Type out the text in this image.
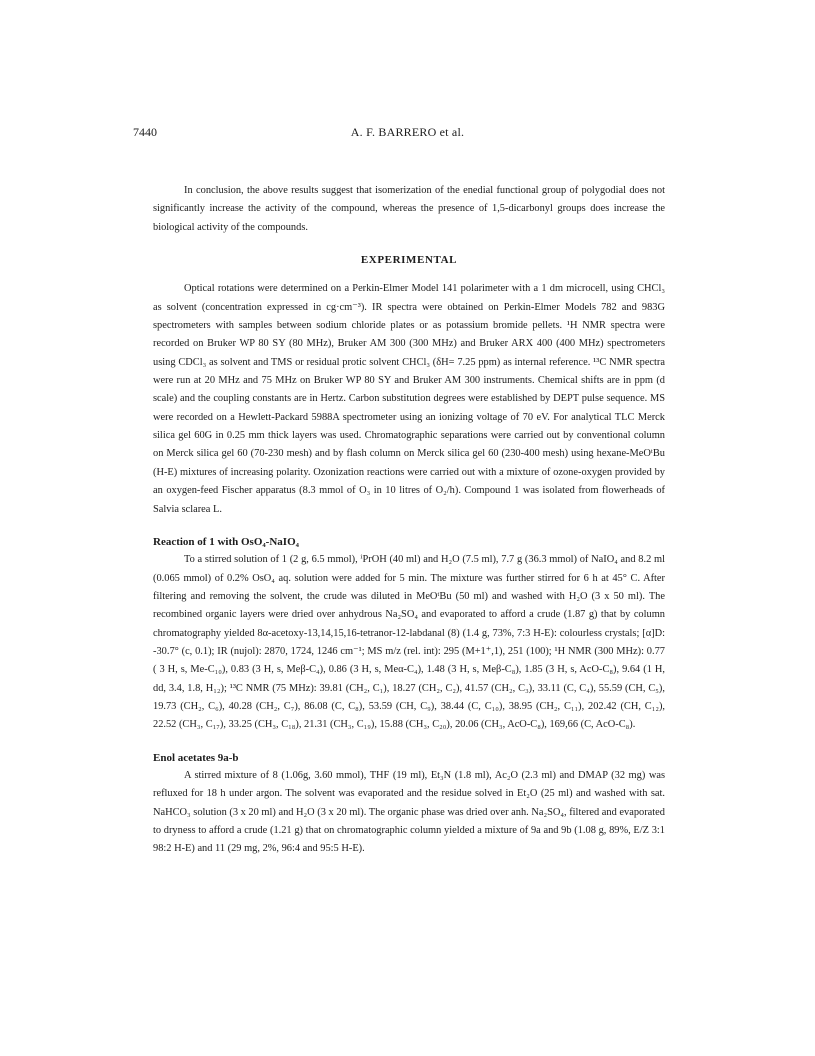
7440	A. F. BARRERO et al.

In conclusion, the above results suggest that isomerization of the enedial functional group of polygodial does not significantly increase the activity of the compound, whereas the presence of 1,5-dicarbonyl groups does increase the biological activity of the compounds.

EXPERIMENTAL

Optical rotations were determined on a Perkin-Elmer Model 141 polarimeter with a 1 dm microcell, using CHCl₃ as solvent (concentration expressed in cg·cm⁻³). IR spectra were obtained on Perkin-Elmer Models 782 and 983G spectrometers with samples between sodium chloride plates or as potassium bromide pellets. ¹H NMR spectra were recorded on Bruker WP 80 SY (80 MHz), Bruker AM 300 (300 MHz) and Bruker ARX 400 (400 MHz) spectrometers using CDCl₃ as solvent and TMS or residual protic solvent CHCl₃ (δH= 7.25 ppm) as internal reference. ¹³C NMR spectra were run at 20 MHz and 75 MHz on Bruker WP 80 SY and Bruker AM 300 instruments. Chemical shifts are in ppm (d scale) and the coupling constants are in Hertz. Carbon substitution degrees were established by DEPT pulse sequence. MS were recorded on a Hewlett-Packard 5988A spectrometer using an ionizing voltage of 70 eV. For analytical TLC Merck silica gel 60G in 0.25 mm thick layers was used. Chromatographic separations were carried out by conventional column on Merck silica gel 60 (70-230 mesh) and by flash column on Merck silica gel 60 (230-400 mesh) using hexane-MeOᵗBu (H-E) mixtures of increasing polarity. Ozonization reactions were carried out with a mixture of ozone-oxygen provided by an oxygen-feed Fischer apparatus (8.3 mmol of O₃ in 10 litres of O₂/h). Compound 1 was isolated from flowerheads of Salvia sclarea L.

Reaction of 1 with OsO₄-NaIO₄

To a stirred solution of 1 (2 g, 6.5 mmol), ⁱPrOH (40 ml) and H₂O (7.5 ml), 7.7 g (36.3 mmol) of NaIO₄ and 8.2 ml (0.065 mmol) of 0.2% OsO₄ aq. solution were added for 5 min. The mixture was further stirred for 6 h at 45° C. After filtering and removing the solvent, the crude was diluted in MeOᵗBu (50 ml) and washed with H₂O (3 x 50 ml). The recombined organic layers were dried over anhydrous Na₂SO₄ and evaporated to afford a crude (1.87 g) that by column chromatography yielded 8α-acetoxy-13,14,15,16-tetranor-12-labdanal (8) (1.4 g, 73%, 7:3 H-E): colourless crystals; [α]D: -30.7° (c, 0.1); IR (nujol): 2870, 1724, 1246 cm⁻¹; MS m/z (rel. int): 295 (M+1⁺,1), 251 (100); ¹H NMR (300 MHz): 0.77 ( 3 H, s, Me-C₁₀), 0.83 (3 H, s, Meβ-C₄), 0.86 (3 H, s, Meα-C₄), 1.48 (3 H, s, Meβ-C₈), 1.85 (3 H, s, AcO-C₈), 9.64 (1 H, dd, 3.4, 1.8, H₁₂); ¹³C NMR (75 MHz): 39.81 (CH₂, C₁), 18.27 (CH₂, C₂), 41.57 (CH₂, C₃), 33.11 (C, C₄), 55.59 (CH, C₅), 19.73 (CH₂, C₆), 40.28 (CH₂, C₇), 86.08 (C, C₈), 53.59 (CH, C₉), 38.44 (C, C₁₀), 38.95 (CH₂, C₁₁), 202.42 (CH, C₁₂), 22.52 (CH₃, C₁₇), 33.25 (CH₃, C₁₈), 21.31 (CH₃, C₁₉), 15.88 (CH₃, C₂₀), 20.06 (CH₃, AcO-C₈), 169,66 (C, AcO-C₈).

Enol acetates 9a-b

A stirred mixture of 8 (1.06g, 3.60 mmol), THF (19 ml), Et₃N (1.8 ml), Ac₂O (2.3 ml) and DMAP (32 mg) was refluxed for 18 h under argon. The solvent was evaporated and the residue solved in Et₂O (25 ml) and washed with sat. NaHCO₃ solution (3 x 20 ml) and H₂O (3 x 20 ml). The organic phase was dried over anh. Na₂SO₄, filtered and evaporated to dryness to afford a crude (1.21 g) that on chromatographic column yielded a mixture of 9a and 9b (1.08 g, 89%, E/Z 3:1 98:2 H-E) and 11 (29 mg, 2%, 96:4 and 95:5 H-E).
